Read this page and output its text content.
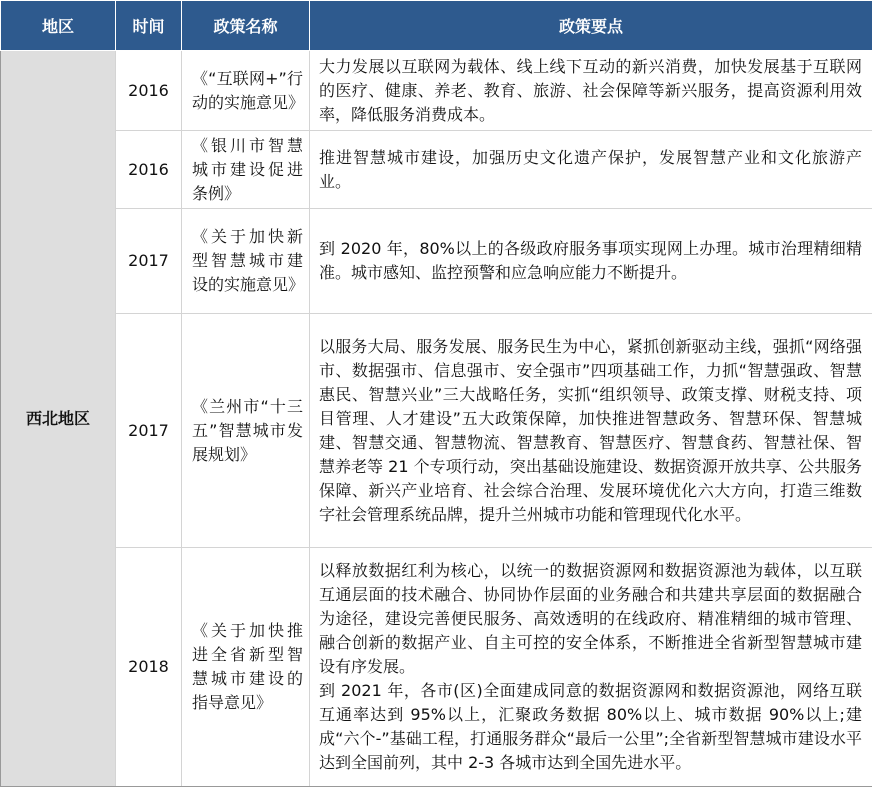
地区	时间	政策名称	政策要点
西北地区	2016	《“互联网+”行动的实施意见》	大力发展以互联网为载体、线上线下互动的新兴消费，加快发展基于互联网的医疗、健康、养老、教育、旅游、社会保障等新兴服务，提高资源利用效率，降低服务消费成本。

	2016	《银川市智慧城市建设促进条例》	推进智慧城市建设，加强历史文化遗产保护，发展智慧产业和文化旅游产业。

	2017	《关于加快新型智慧城市建设的实施意见》	到 2020 年，80%以上的各级政府服务事项实现网上办理。城市治理精细精准。城市感知、监控预警和应急响应能力不断提升。

	2017	《兰州市“十三五”智慧城市发展规划》	以服务大局、服务发展、服务民生为中心，紧抓创新驱动主线，强抓“网络强市、数据强市、信息强市、安全强市”四项基础工作，力抓“智慧强政、智慧惠民、智慧兴业”三大战略任务，实抓“组织领导、政策支撑、财税支持、项目管理、人才建设”五大政策保障，加快推进智慧政务、智慧环保、智慧城建、智慧交通、智慧物流、智慧教育、智慧医疗、智慧食药、智慧社保、智慧养老等 21 个专项行动，突出基础设施建设、数据资源开放共享、公共服务保障、新兴产业培育、社会综合治理、发展环境优化六大方向，打造三维数字社会管理系统品牌，提升兰州城市功能和管理现代化水平。

	2018	《关于加快推进全省新型智慧城市建设的指导意见》	以释放数据红利为核心，以统一的数据资源网和数据资源池为载体，以互联互通层面的技术融合、协同协作层面的业务融合和共建共享层面的数据融合为途径，建设完善便民服务、高效透明的在线政府、精准精细的城市管理、融合创新的数据产业、自主可控的安全体系，不断推进全省新型智慧城市建设有序发展。

到 2021 年，各市(区)全面建成同意的数据资源网和数据资源池，网络互联互通率达到 95%以上，汇聚政务数据 80%以上、城市数据 90%以上;建成“六个-”基础工程，打通服务群众“最后一公里”;全省新型智慧城市建设水平达到全国前列，其中 2-3 各城市达到全国先进水平。
